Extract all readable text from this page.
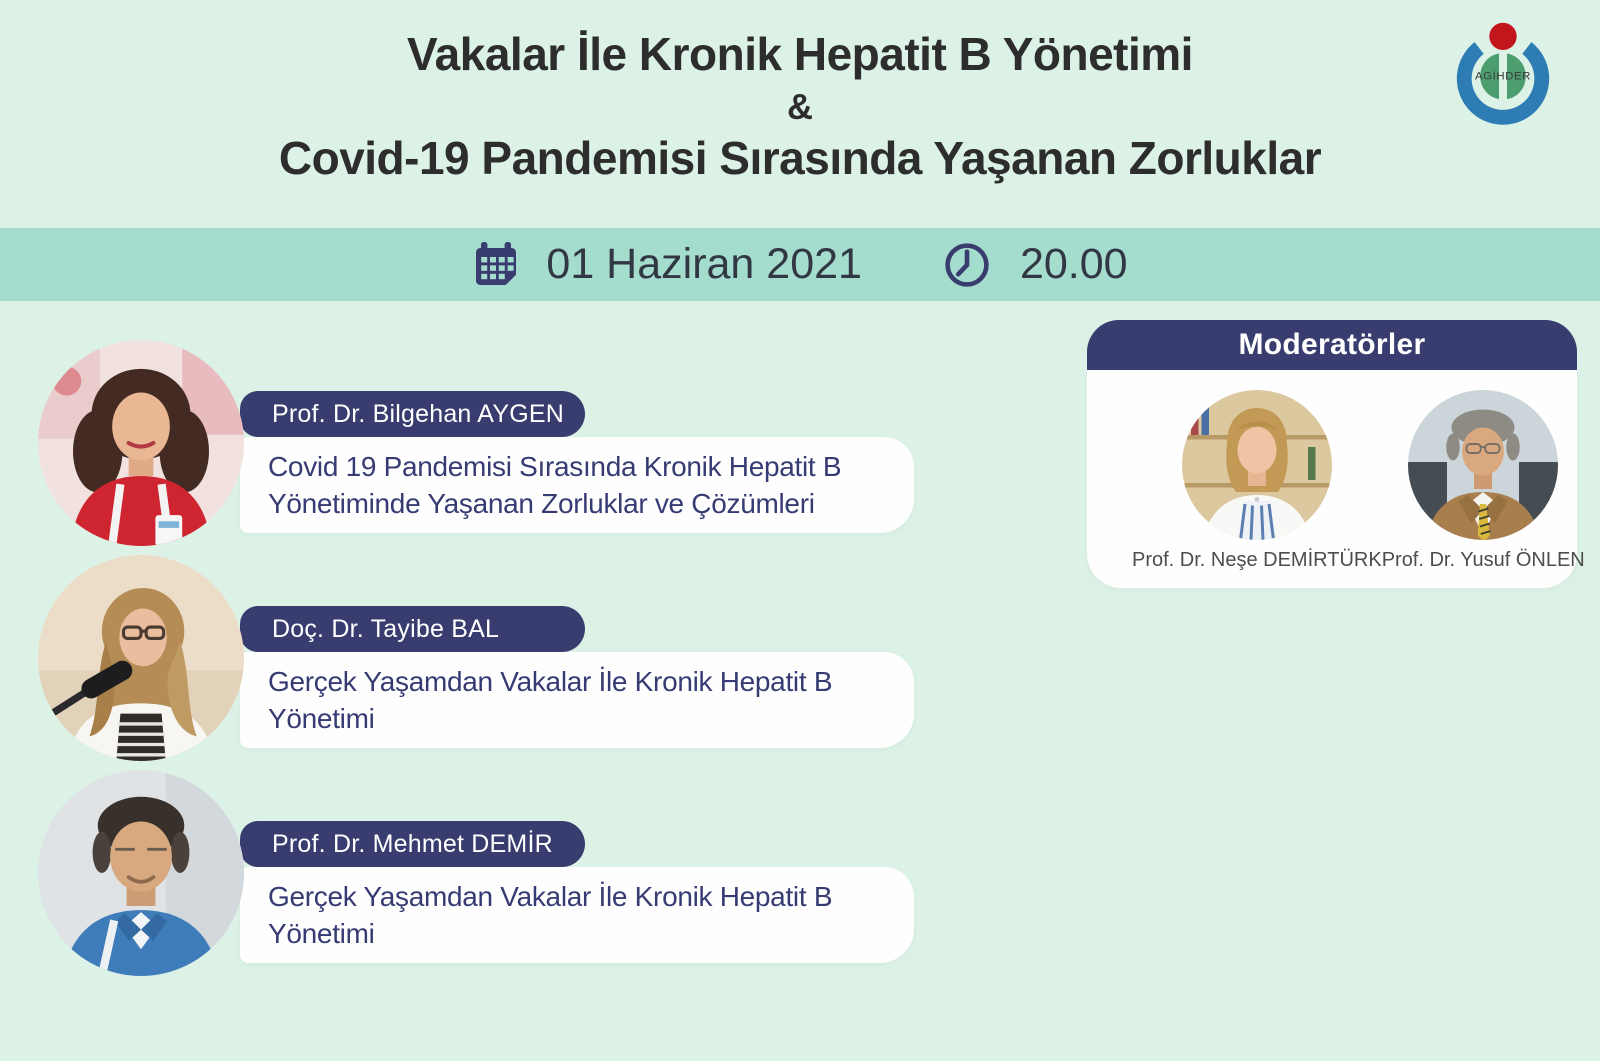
Vakalar İle Kronik Hepatit B Yönetimi
&
Covid-19 Pandemisi Sırasında Yaşanan Zorluklar
AGİHDER
01 Haziran 2021	20.00
Prof. Dr. Bilgehan AYGEN
Covid 19 Pandemisi Sırasında Kronik Hepatit B
Yönetiminde Yaşanan Zorluklar ve Çözümleri
Doç. Dr. Tayibe BAL
Gerçek Yaşamdan Vakalar İle Kronik Hepatit B
Yönetimi
Prof. Dr. Mehmet DEMİR
Gerçek Yaşamdan Vakalar İle Kronik Hepatit B
Yönetimi
Moderatörler
Prof. Dr. Neşe DEMİRTÜRK Prof. Dr. Yusuf ÖNLEN
